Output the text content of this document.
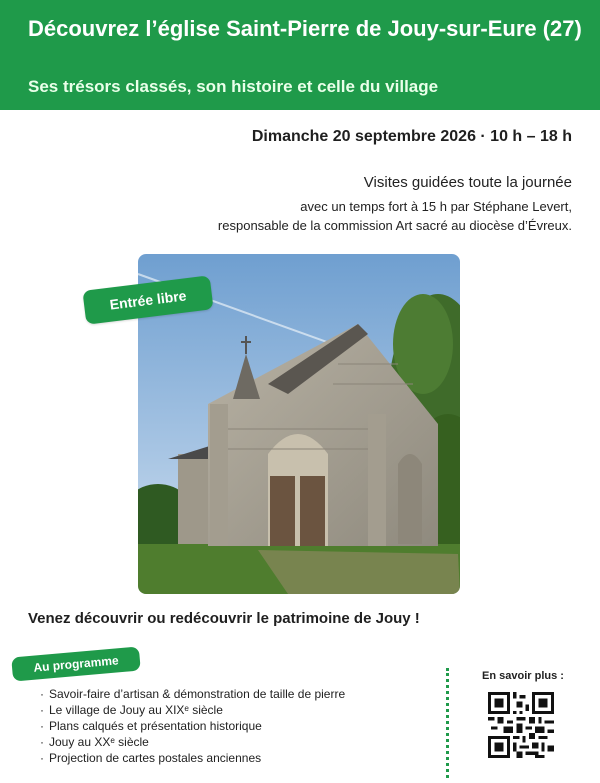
Découvrez l’église Saint-Pierre de Jouy-sur-Eure (27)
Ses trésors classés, son histoire et celle du village
Dimanche 20 septembre 2026 · 10 h – 18 h
Visites guidées toute la journée
avec un temps fort à 15 h par Stéphane Levert,
responsable de la commission Art sacré au diocèse d’Évreux.
Entrée libre
Venez découvrir ou redécouvrir le patrimoine de Jouy !
Au programme
· Savoir-faire d’artisan & démonstration de taille de pierre
· Le village de Jouy au XIXᵉ siècle
· Plans calqués et présentation historique
· Jouy au XXᵉ siècle
· Projection de cartes postales anciennes
En savoir plus :
